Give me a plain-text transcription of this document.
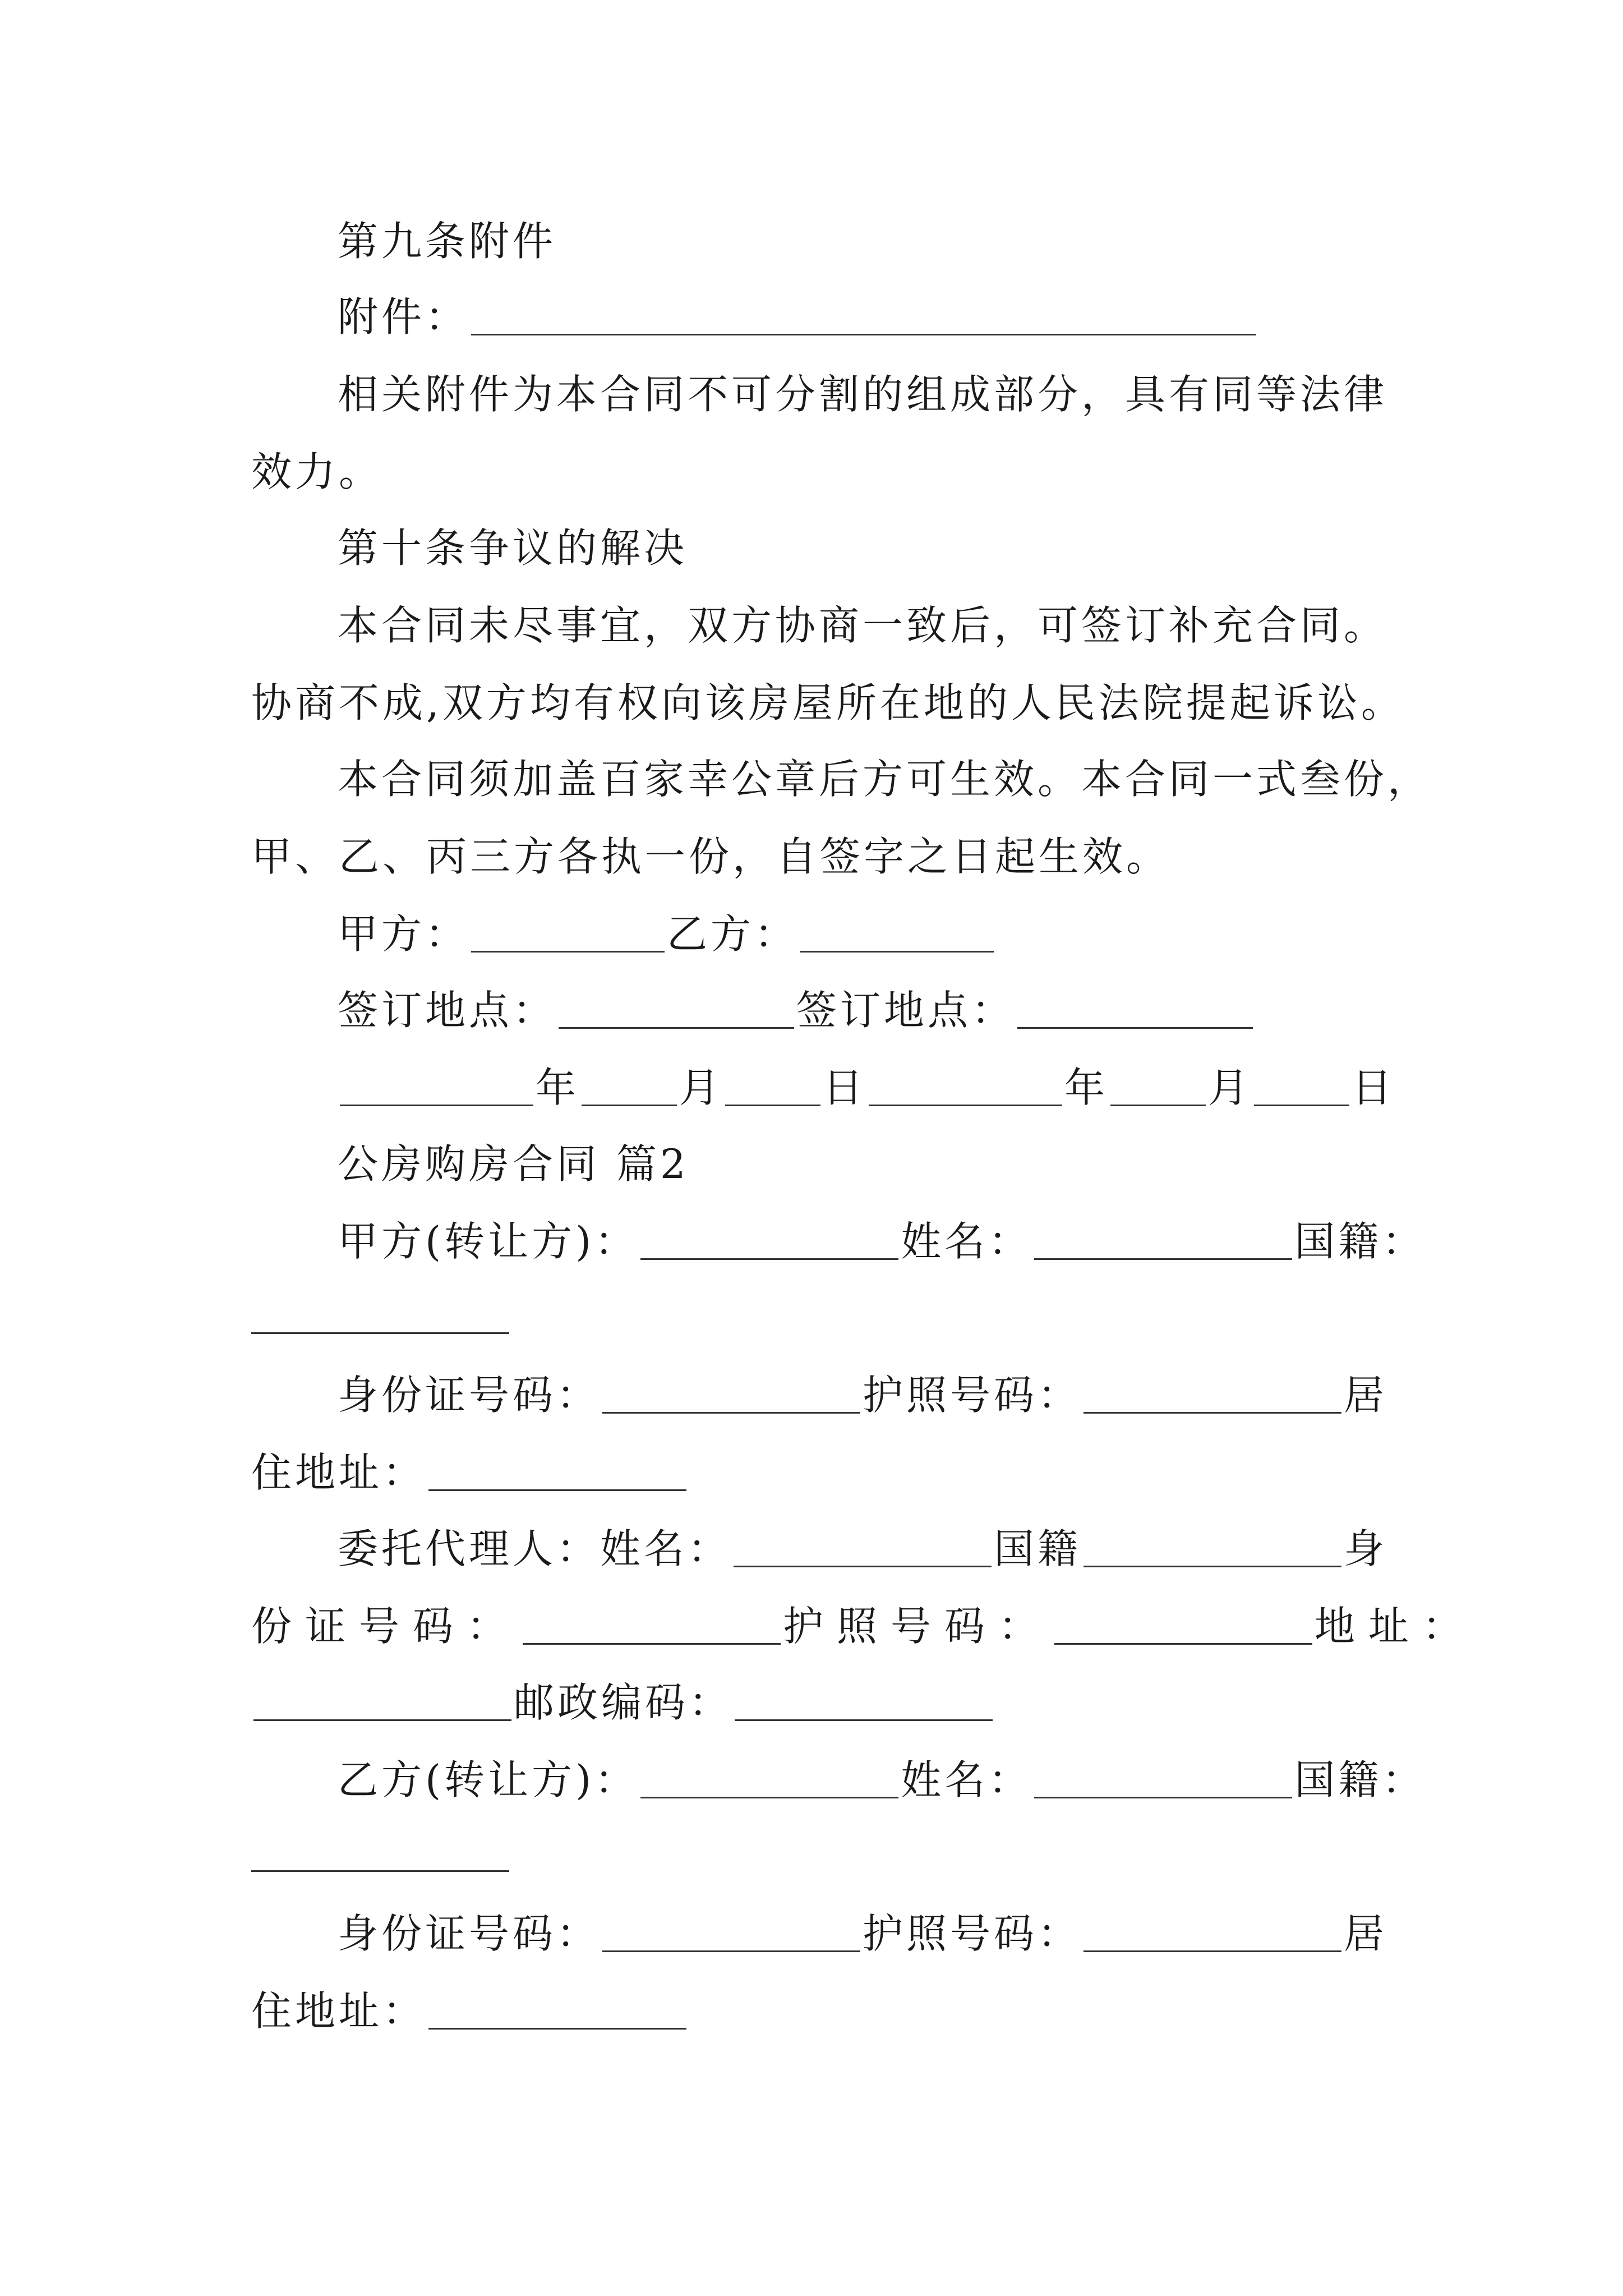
第九条附件
附件：
相关附件为本合同不可分割的组成部分，具有同等法律
效力。
第十条争议的解决
本合同未尽事宜，双方协商一致后，可签订补充合同。
协商不成,双方均有权向该房屋所在地的人民法院提起诉讼。
本合同须加盖百家幸公章后方可生效。本合同一式叁份，
甲、乙、丙三方各执一份，自签字之日起生效。
甲方：	乙方：
签订地点：	签订地点：
年 月 日	年 月 日
公房购房合同 篇2
甲方(转让方)：	姓名：	国籍：
身份证号码：	护照号码：	居
住地址：
委托代理人：姓名：	国籍	身
份证号码：	护照号码：	地址：
邮政编码：
乙方(转让方)：	姓名：	国籍：
身份证号码：	护照号码：	居
住地址：
